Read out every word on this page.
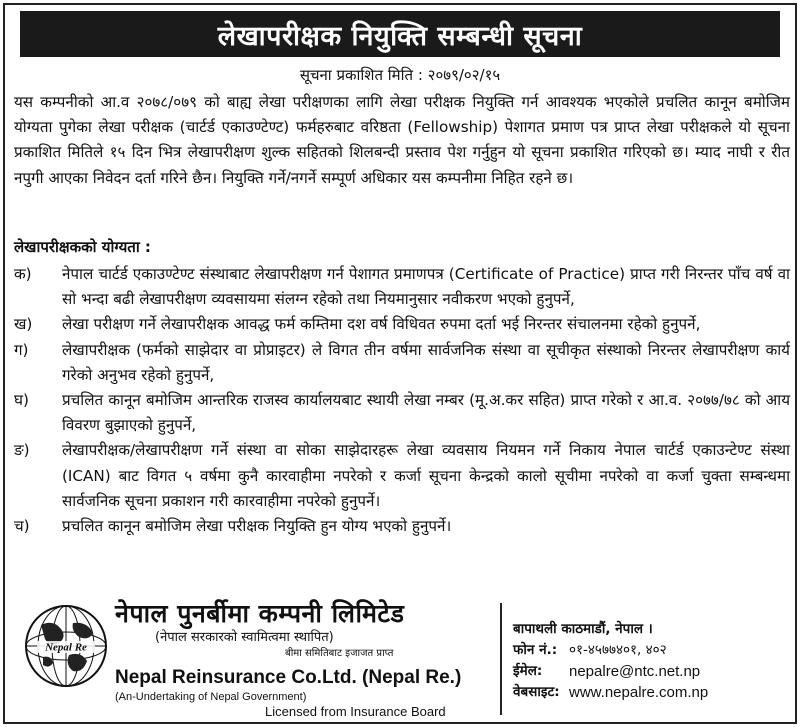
लेखापरीक्षक नियुक्ति सम्बन्धी सूचना
सूचना प्रकाशित मिति : २०७९/०२/१५

यस कम्पनीको आ.व २०७८/०७९ को बाह्य लेखा परीक्षणका लागि लेखा परीक्षक नियुक्ति गर्न आवश्यक भएकोले प्रचलित कानून बमोजिम योग्यता पुगेका लेखा परीक्षक (चार्टर्ड एकाउण्टेण्ट) फर्महरुबाट वरिष्ठता (Fellowship) पेशागत प्रमाण पत्र प्राप्त लेखा परीक्षकले यो सूचना प्रकाशित मितिले १५ दिन भित्र लेखापरीक्षण शुल्क सहितको शिलबन्दी प्रस्ताव पेश गर्नुहुन यो सूचना प्रकाशित गरिएको छ। म्याद नाघी र रीत नपुगी आएका निवेदन दर्ता गरिने छैन। नियुक्ति गर्ने/नगर्ने सम्पूर्ण अधिकार यस कम्पनीमा निहित रहने छ।

लेखापरीक्षकको योग्यता :
क)	नेपाल चार्टर्ड एकाउण्टेण्ट संस्थाबाट लेखापरीक्षण गर्न पेशागत प्रमाणपत्र (Certificate of Practice) प्राप्त गरी निरन्तर पाँच वर्ष वा सो भन्दा बढी लेखापरीक्षण व्यवसायमा संलग्न रहेको तथा नियमानुसार नवीकरण भएको हुनुपर्ने,
ख)	लेखा परीक्षण गर्ने लेखापरीक्षक आवद्ध फर्म कम्तिमा दश वर्ष विधिवत रुपमा दर्ता भई निरन्तर संचालनमा रहेको हुनुपर्ने,
ग)	लेखापरीक्षक (फर्मको साझेदार वा प्रोप्राइटर) ले विगत तीन वर्षमा सार्वजनिक संस्था वा सूचीकृत संस्थाको निरन्तर लेखापरीक्षण कार्य गरेको अनुभव रहेको हुनुपर्ने,
घ)	प्रचलित कानून बमोजिम आन्तरिक राजस्व कार्यालयबाट स्थायी लेखा नम्बर (मू.अ.कर सहित) प्राप्त गरेको र आ.व. २०७७/७८ को आय विवरण बुझाएको हुनुपर्ने,
ङ)	लेखापरीक्षक/लेखापरीक्षण गर्ने संस्था वा सोका साझेदारहरू लेखा व्यवसाय नियमन गर्ने निकाय नेपाल चार्टर्ड एकाउन्टेण्ट संस्था (ICAN) बाट विगत ५ वर्षमा कुनै कारवाहीमा नपरेको र कर्जा सूचना केन्द्रको कालो सूचीमा नपरेको वा कर्जा चुक्ता सम्बन्धमा सार्वजनिक सूचना प्रकाशन गरी कारवाहीमा नपरेको हुनुपर्ने।
च)	प्रचलित कानून बमोजिम लेखा परीक्षक नियुक्ति हुन योग्य भएको हुनुपर्ने।
Nepal Re
नेपाल पुनर्बीमा कम्पनी लिमिटेड
(नेपाल सरकारको स्वामित्वमा स्थापित)
बीमा समितिबाट इजाजत प्राप्त
Nepal Reinsurance Co.Ltd. (Nepal Re.)
(An-Undertaking of Nepal Government)
Licensed from Insurance Board
बापाथली काठमाडौं, नेपाल ।
फोन नं.: ०१-४५७७४०१, ४०२
ईमेल:	nepalre@ntc.net.np
वेबसाइट: www.nepalre.com.np
